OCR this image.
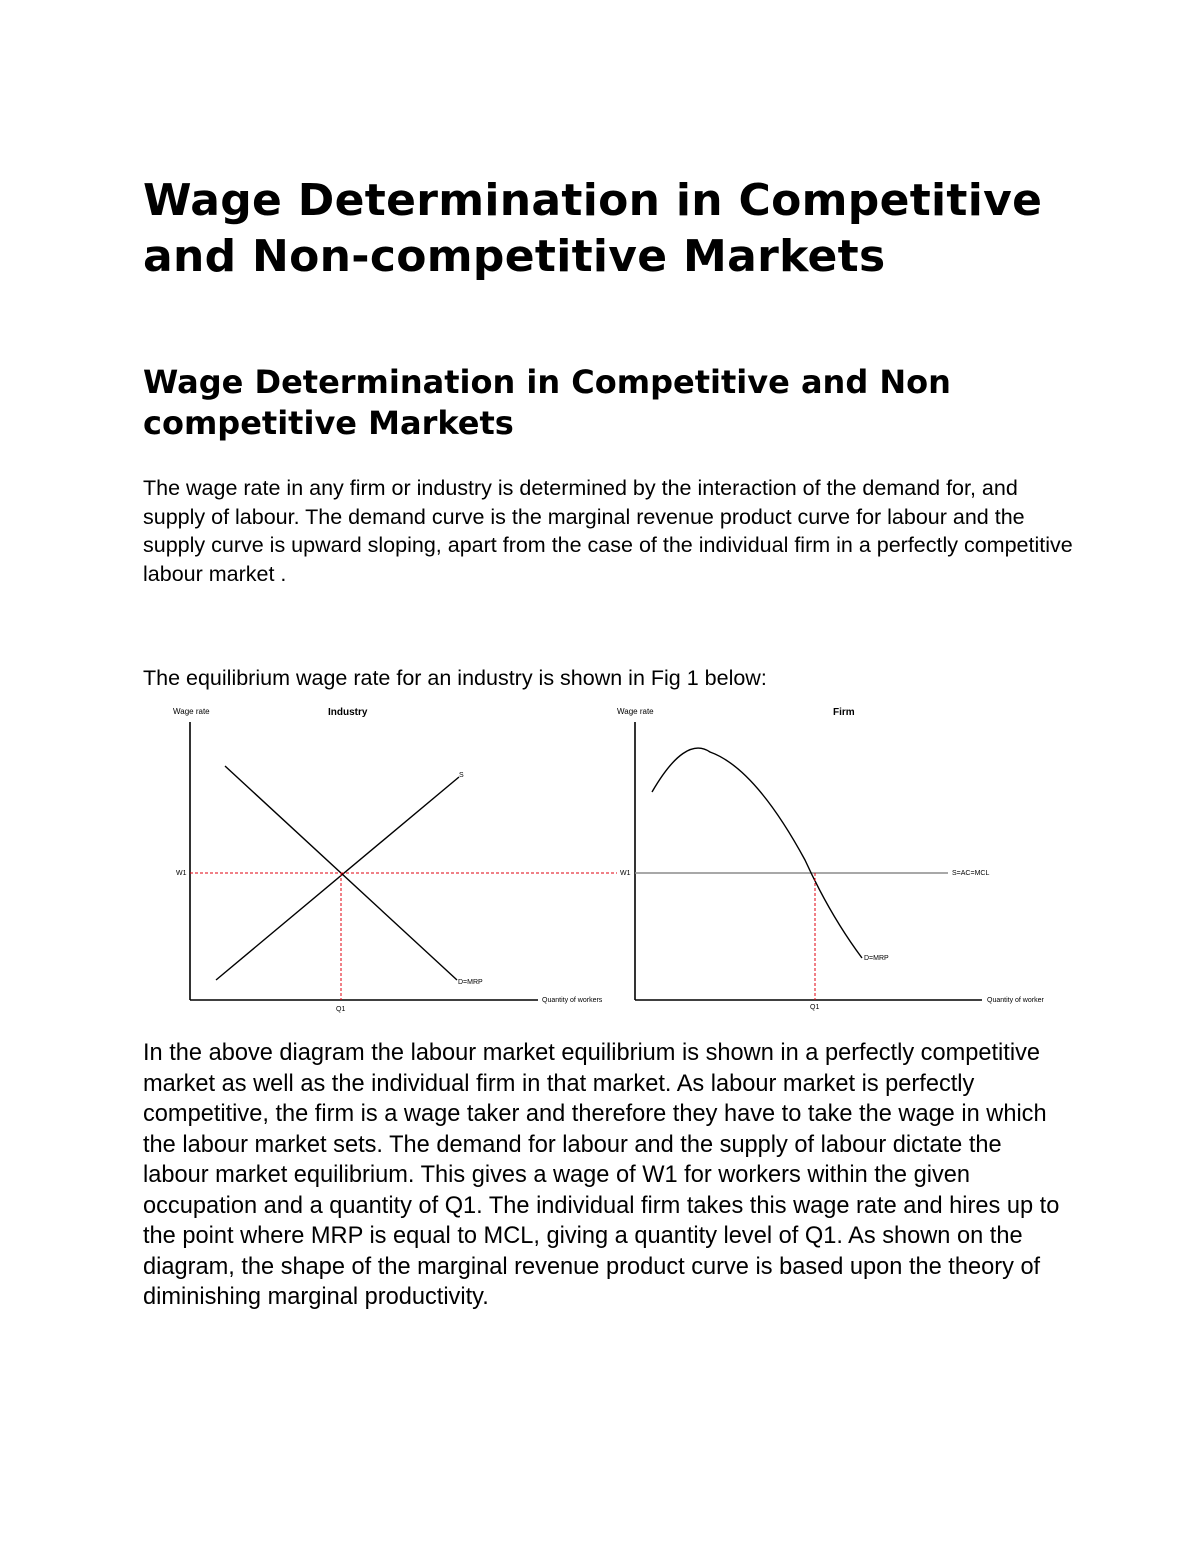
Wage Determination in Competitive and Non-competitive Markets
Wage Determination in Competitive and Non competitive Markets

The wage rate in any firm or industry is determined by the interaction of the demand for, and supply of labour. The demand curve is the marginal revenue product curve for labour and the supply curve is upward sloping, apart from the case of the individual firm in a perfectly competitive labour market .

The equilibrium wage rate for an industry is shown in Fig 1 below:

Wage rate	Industry
Quantity of workers
S
D=MRP
W1
Q1
Wage rate	Firm
Quantity of worker
S=AC=MCL
D=MRP
W1
Q1

In the above diagram the labour market equilibrium is shown in a perfectly competitive market as well as the individual firm in that market. As labour market is perfectly competitive, the firm is a wage taker and therefore they have to take the wage in which the labour market sets. The demand for labour and the supply of labour dictate the labour market equilibrium. This gives a wage of W1 for workers within the given occupation and a quantity of Q1. The individual firm takes this wage rate and hires up to the point where MRP is equal to MCL, giving a quantity level of Q1. As shown on the diagram, the shape of the marginal revenue product curve is based upon the theory of diminishing marginal productivity.
